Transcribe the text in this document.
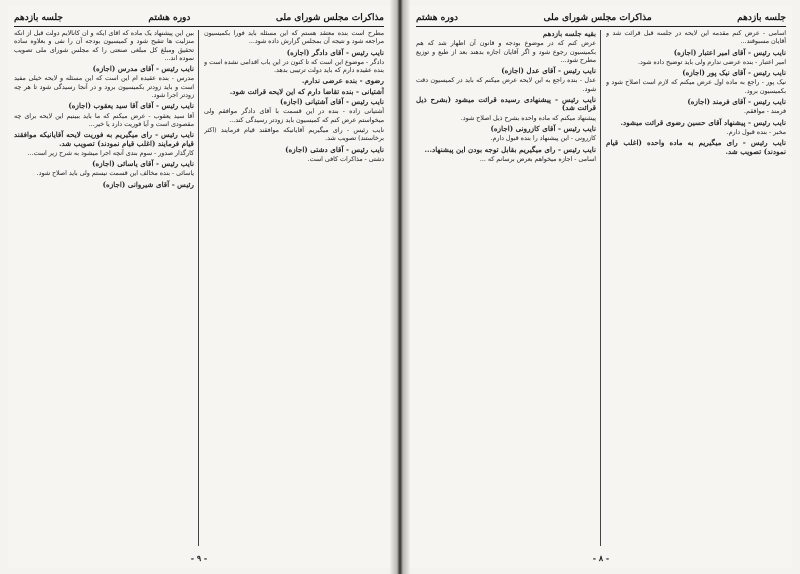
مذاکرات مجلس شورای ملی
دوره هشتم
جلسه بازدهم

بین این پیشنهاد یک ماده که آقای ایکه و آن کانالایم دولت قبل از آنکه منزلیت ها تنقیح شود و کمیسیون بودجه آن را نفی و بعلاوه ساده تحقیق ومبلغ کل مبلغی صنعتی را که مجلس شورای ملی تصویب نموده اند...

نایب رئیس - آقای مدرس (اجازه)

مدرس - بنده عقیده ام این است که این مسئله و لایحه خیلی مفید است و باید زودتر بکمیسیون برود و در آنجا رسیدگی شود تا هر چه زودتر اجرا شود.

نایب رئیس - آقای آقا سید یعقوب (اجازه)

آقا سید یعقوب - عرض میکنم که ما باید ببینیم این لایحه برای چه مقصودی است و آیا فوریت دارد یا خیر...

نایب رئیس - رای میگیریم به فوریت لایحه آقایانیکه موافقند قیام فرمایند (اغلب قیام نمودند) تصویب شد.

کارگذار صدور - سوم بندی آنچه اجرا میشود به شرح زیر است...

نایب رئیس - آقای یاسائی (اجازه)

یاسائی - بنده مخالف این قسمت نیستم ولی باید اصلاح شود.

رئیس - آقای شیروانی (اجازه)

مطرح است بنده معتقد هستم که این مسئله باید فوراً بکمیسیون مراجعه شود و نتیجه آن بمجلس گزارش داده شود...

نایب رئیس - آقای دادگر (اجازه)

دادگر - موضوع این است که تا کنون در این باب اقدامی نشده است و بنده عقیده دارم که باید دولت ترتیبی بدهد.

رضوی - بنده عرضی ندارم.

آشتیانی - بنده تقاضا دارم که این لایحه قرائت شود.

نایب رئیس - آقای آشتیانی (اجازه)

آشتیانی زاده - بنده در این قسمت با آقای دادگر موافقم ولی میخواستم عرض کنم که کمیسیون باید زودتر رسیدگی کند...

نایب رئیس - رای میگیریم آقایانیکه موافقند قیام فرمایند (اکثر برخاستند) تصویب شد.

نایب رئیس - آقای دشتی (اجازه)

دشتی - مذاکرات کافی است.

- ۹ -
جلسه بازدهم
مذاکرات مجلس شورای ملی
دوره هشتم

بقیه جلسه بازدهم

عرض کنم که در موضوع بودجه و قانون آن اظهار شد که هم بکمیسیون رجوع شود و اگر آقایان اجازه بدهند بعد از طبع و توزیع مطرح شود...

نایب رئیس - آقای عدل (اجازه)

عدل - بنده راجع به این لایحه عرض میکنم که باید در کمیسیون دقت شود.

نایب رئیس - پیشنهادی رسیده قرائت میشود (بشرح ذیل قرائت شد)

پیشنهاد میکنم که ماده واحده بشرح ذیل اصلاح شود.

نایب رئیس - آقای کازرونی (اجازه)

کازرونی - این پیشنهاد را بنده قبول دارم.

نایب رئیس - رای میگیریم بقابل توجه بودن این پیشنهاد...

اسامی - اجازه میخواهم بعرض برسانم که ...

اسامی - عرض کنم مقدمه این لایحه در جلسه قبل قرائت شد و آقایان مسبوقند...

نایب رئیس - آقای امیر اعتبار (اجازه)

امیر اعتبار - بنده عرضی ندارم ولی باید توضیح داده شود.

نایب رئیس - آقای نیک پور (اجازه)

نیک پور - راجع به ماده اول عرض میکنم که لازم است اصلاح شود و بکمیسیون برود.

نایب رئیس - آقای فرمند (اجازه)

فرمند - موافقم.

نایب رئیس - پیشنهاد آقای حسین رضوی قرائت میشود.

مخبر - بنده قبول دارم.

نایب رئیس - رای میگیریم به ماده واحده (اغلب قیام نمودند) تصویب شد.

- ۸ -
